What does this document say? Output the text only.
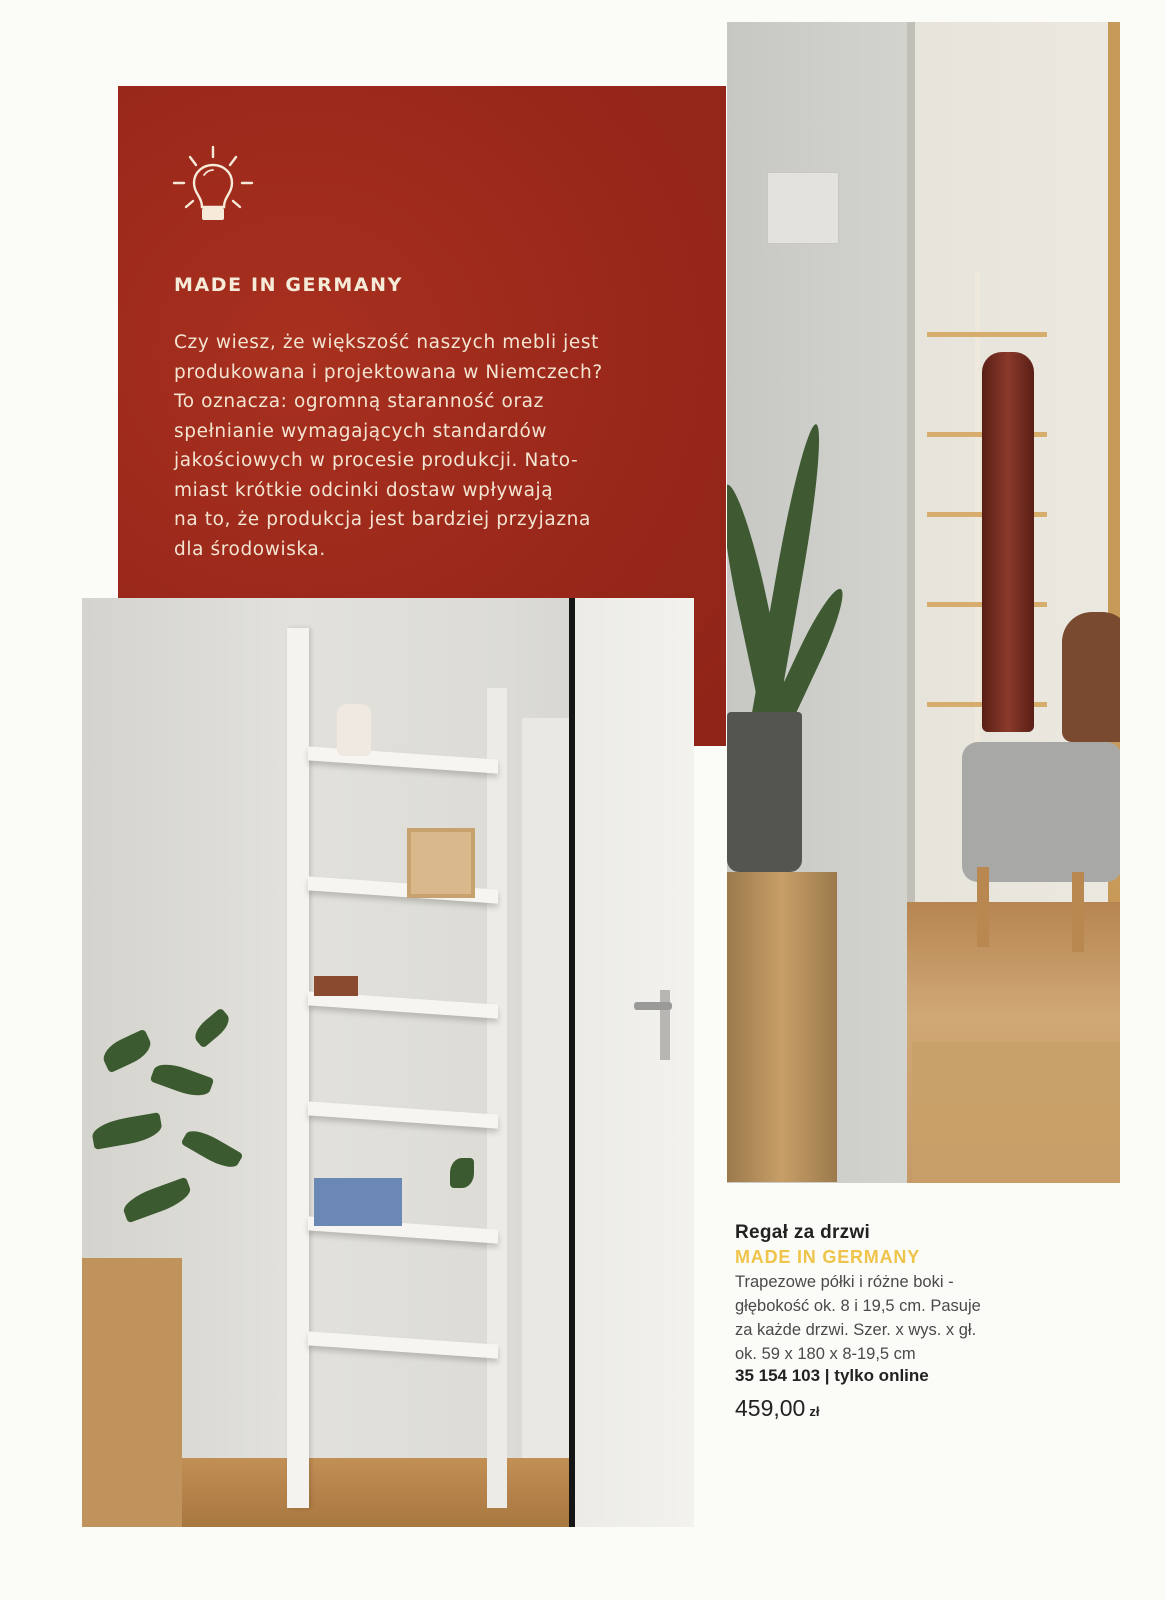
MADE IN GERMANY
Czy wiesz, że większość naszych mebli jest
produkowana i projektowana w Niemczech?
To oznacza: ogromną staranność oraz
spełnianie wymagających standardów
jakościowych w procesie produkcji. Nato-
miast krótkie odcinki dostaw wpływają
na to, że produkcja jest bardziej przyjazna
dla środowiska.
Regał za drzwi
MADE IN GERMANY
Trapezowe półki i różne boki -
głębokość ok. 8 i 19,5 cm. Pasuje
za każde drzwi. Szer. x wys. x gł.
ok. 59 x 180 x 8-19,5 cm
35 154 103 | tylko online
459,00 zł
